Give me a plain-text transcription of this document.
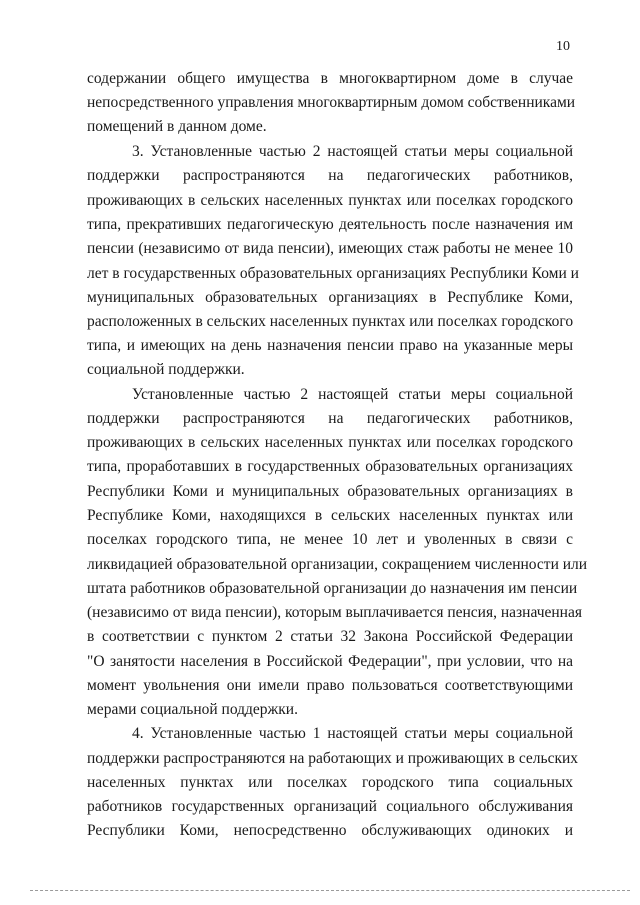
10
содержании общего имущества в многоквартирном доме в случае
непосредственного управления многоквартирным домом собственниками
помещений в данном доме.
3. Установленные частью 2 настоящей статьи меры социальной
поддержки распространяются на педагогических работников,
проживающих в сельских населенных пунктах или поселках городского
типа, прекративших педагогическую деятельность после назначения им
пенсии (независимо от вида пенсии), имеющих стаж работы не менее 10
лет в государственных образовательных организациях Республики Коми и
муниципальных образовательных организациях в Республике Коми,
расположенных в сельских населенных пунктах или поселках городского
типа, и имеющих на день назначения пенсии право на указанные меры
социальной поддержки.
Установленные частью 2 настоящей статьи меры социальной
поддержки распространяются на педагогических работников,
проживающих в сельских населенных пунктах или поселках городского
типа, проработавших в государственных образовательных организациях
Республики Коми и муниципальных образовательных организациях в
Республике Коми, находящихся в сельских населенных пунктах или
поселках городского типа, не менее 10 лет и уволенных в связи с
ликвидацией образовательной организации, сокращением численности или
штата работников образовательной организации до назначения им пенсии
(независимо от вида пенсии), которым выплачивается пенсия, назначенная
в соответствии с пунктом 2 статьи 32 Закона Российской Федерации
"О занятости населения в Российской Федерации", при условии, что на
момент увольнения они имели право пользоваться соответствующими
мерами социальной поддержки.
4. Установленные частью 1 настоящей статьи меры социальной
поддержки распространяются на работающих и проживающих в сельских
населенных пунктах или поселках городского типа социальных
работников государственных организаций социального обслуживания
Республики Коми, непосредственно обслуживающих одиноких и
